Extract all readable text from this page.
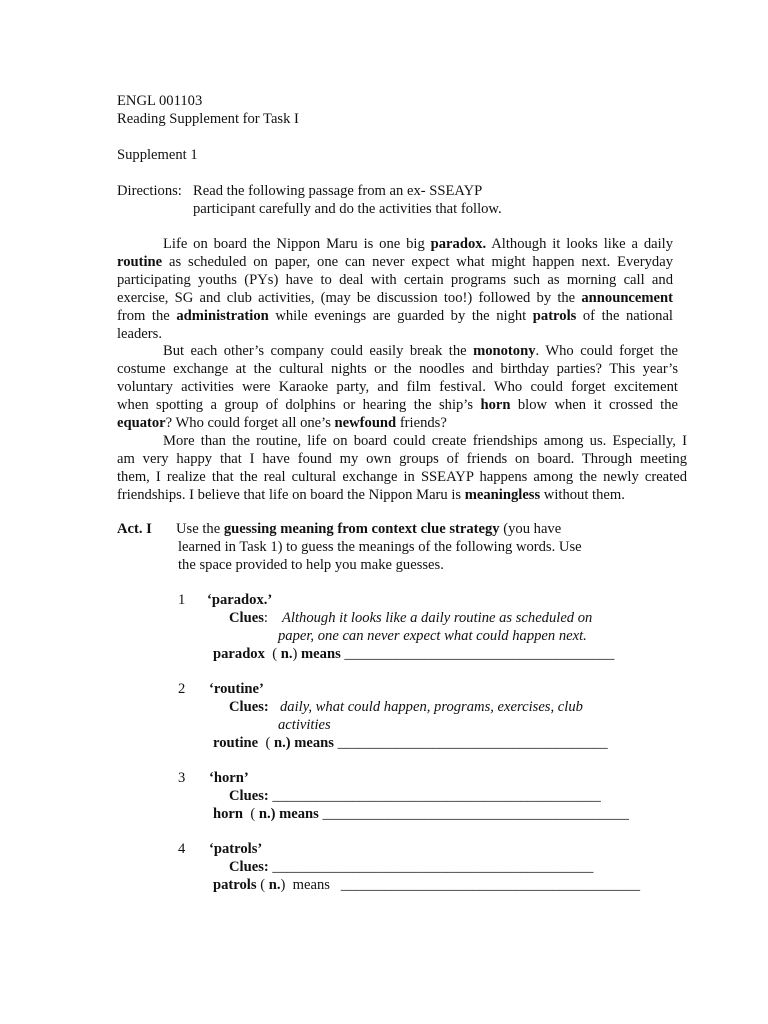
ENGL 001103
Reading Supplement for Task I
Supplement 1
Directions: Read the following passage from an ex- SSEAYP
participant carefully and do the activities that follow.
Life on board the Nippon Maru is one big paradox. Although it looks like a daily
routine as scheduled on paper, one can never expect what might happen next. Everyday
participating youths (PYs) have to deal with certain programs such as morning call and
exercise, SG and club activities, (may be discussion too!) followed by the announcement
from the administration while evenings are guarded by the night patrols of the national
leaders.
But each other’s company could easily break the monotony. Who could forget the
costume exchange at the cultural nights or the noodles and birthday parties? This year’s
voluntary activities were Karaoke party, and film festival. Who could forget excitement
when spotting a group of dolphins or hearing the ship’s horn blow when it crossed the
equator? Who could forget all one’s newfound friends?
More than the routine, life on board could create friendships among us. Especially, I
am very happy that I have found my own groups of friends on board. Through meeting
them, I realize that the real cultural exchange in SSEAYP happens among the newly created
friendships. I believe that life on board the Nippon Maru is meaningless without them.
Act. I Use the guessing meaning from context clue strategy (you have
learned in Task 1) to guess the meanings of the following words. Use
the space provided to help you make guesses.
1 ‘paradox.’
Clues: Although it looks like a daily routine as scheduled on
paper, one can never expect what could happen next.
paradox ( n.) means _____________________________________
2 ‘routine’
Clues: daily, what could happen, programs, exercises, club
activities
routine ( n.) means _____________________________________
3 ‘horn’
Clues: _____________________________________________
horn ( n.) means __________________________________________
4 ‘patrols’
Clues: ____________________________________________
patrols ( n.) means _________________________________________
